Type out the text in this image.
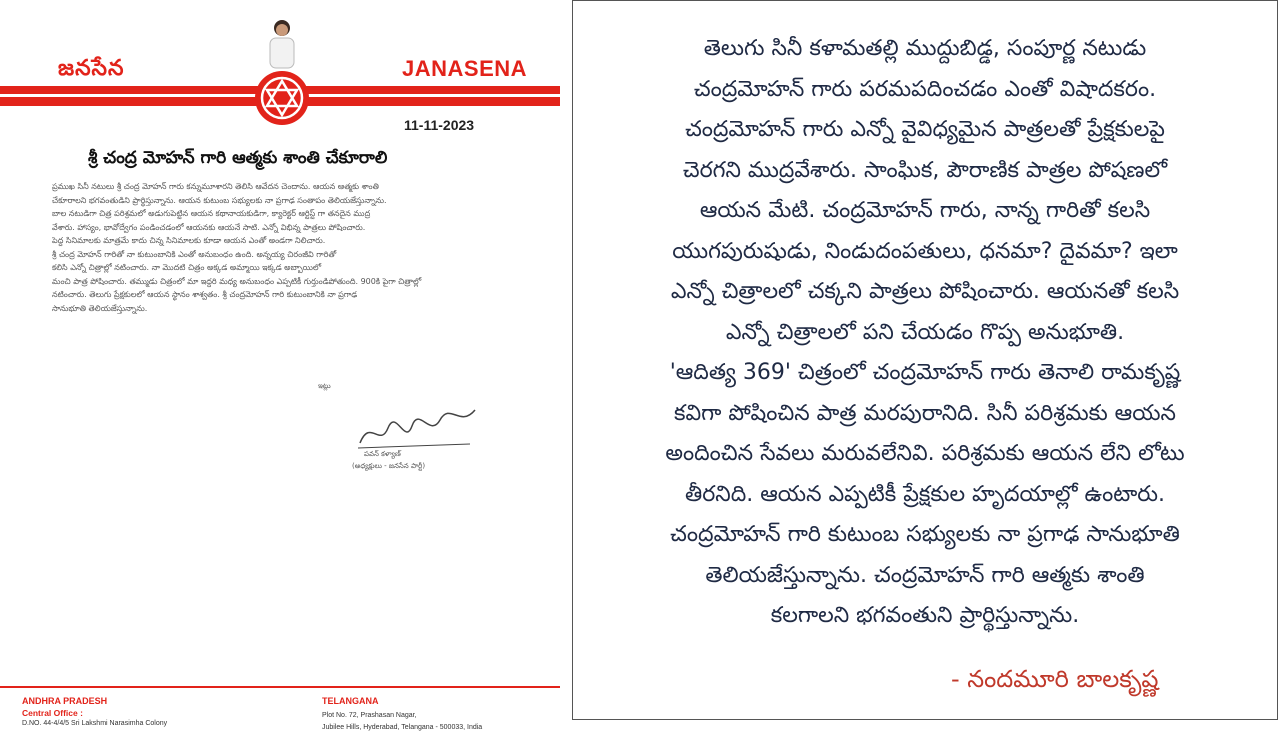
జనసేన	JANASENA
11-11-2023
శ్రీ చంద్ర మోహన్ గారి ఆత్మకు శాంతి చేకూరాలి
ప్రముఖ సినీ నటులు శ్రీ చంద్ర మోహన్ గారు కన్నుమూశారని తెలిసి ఆవేదన చెందాను. ఆయన ఆత్మకు శాంతి
చేకూరాలని భగవంతుడిని ప్రార్థిస్తున్నాను. ఆయన కుటుంబ సభ్యులకు నా ప్రగాఢ సంతాపం తెలియజేస్తున్నాను.
బాల నటుడిగా చిత్ర పరిశ్రమలో అడుగుపెట్టిన ఆయన కథానాయకుడిగా, క్యారెక్టర్ ఆర్టిస్ట్ గా తనదైన ముద్ర
వేశారు. హాస్యం, భావోద్వేగం పండించడంలో ఆయనకు ఆయనే సాటి. ఎన్నో విభిన్న పాత్రలు పోషించారు.
పెద్ద సినిమాలకు మాత్రమే కాదు చిన్న సినిమాలకు కూడా ఆయన ఎంతో అండగా నిలిచారు.
శ్రీ చంద్ర మోహన్ గారితో నా కుటుంబానికి ఎంతో అనుబంధం ఉంది. అన్నయ్య చిరంజీవి గారితో
కలిసి ఎన్నో చిత్రాల్లో నటించారు. నా మొదటి చిత్రం అక్కడ అమ్మాయి ఇక్కడ అబ్బాయిలో
మంచి పాత్ర పోషించారు. తమ్ముడు చిత్రంలో మా ఇద్దరి మధ్య అనుబంధం ఎప్పటికీ గుర్తుండిపోతుంది. 900కి పైగా చిత్రాల్లో
నటించారు. తెలుగు ప్రేక్షకులలో ఆయన స్థానం శాశ్వతం. శ్రీ చంద్రమోహన్ గారి కుటుంబానికి నా ప్రగాఢ
సానుభూతి తెలియజేస్తున్నాను.
ఇట్లు
పవన్ కళ్యాణ్
(అధ్యక్షులు - జనసేన పార్టీ)
ANDHRA PRADESH
Central Office :
D.NO. 44-4/4/5 Sri Lakshmi Narasimha Colony
TELANGANA
Plot No. 72, Prashasan Nagar,
Jubilee Hills, Hyderabad, Telangana - 500033, India
తెలుగు సినీ కళామతల్లి ముద్దుబిడ్డ, సంపూర్ణ నటుడు
చంద్రమోహన్ గారు పరమపదించడం ఎంతో విషాదకరం.
చంద్రమోహన్ గారు ఎన్నో వైవిధ్యమైన పాత్రలతో ప్రేక్షకులపై
చెరగని ముద్రవేశారు. సాంఘిక, పౌరాణిక పాత్రల పోషణలో
ఆయన మేటి. చంద్రమోహన్ గారు, నాన్న గారితో కలసి
యుగపురుషుడు, నిండుదంపతులు, ధనమా? దైవమా? ఇలా
ఎన్నో చిత్రాలలో చక్కని పాత్రలు పోషించారు. ఆయనతో కలసి
ఎన్నో చిత్రాలలో పని చేయడం గొప్ప అనుభూతి.
'ఆదిత్య 369' చిత్రంలో చంద్రమోహన్ గారు తెనాలి రామకృష్ణ
కవిగా పోషించిన పాత్ర మరపురానిది. సినీ పరిశ్రమకు ఆయన
అందించిన సేవలు మరువలేనివి. పరిశ్రమకు ఆయన లేని లోటు
తీరనిది. ఆయన ఎప్పటికీ ప్రేక్షకుల హృదయాల్లో ఉంటారు.
చంద్రమోహన్ గారి కుటుంబ సభ్యులకు నా ప్రగాఢ సానుభూతి
తెలియజేస్తున్నాను. చంద్రమోహన్ గారి ఆత్మకు శాంతి
కలగాలని భగవంతుని ప్రార్థిస్తున్నాను.
- నందమూరి బాలకృష్ణ
